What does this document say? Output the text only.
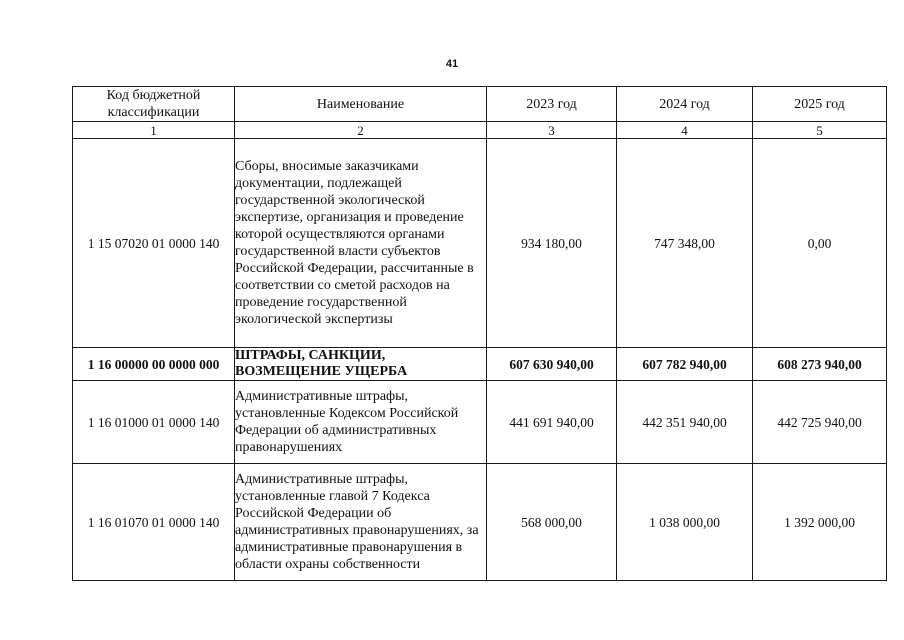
41
Код бюджетной классификации	Наименование	2023 год	2024 год	2025 год
1	2	3	4	5
1 15 07020 01 0000 140	Сборы, вносимые заказчиками документации, подлежащей государственной экологической экспертизе, организация и проведение которой осуществляются органами государственной власти субъектов Российской Федерации, рассчитанные в соответствии со сметой расходов на проведение государственной экологической экспертизы	934 180,00	747 348,00	0,00
1 16 00000 00 0000 000	ШТРАФЫ, САНКЦИИ, ВОЗМЕЩЕНИЕ УЩЕРБА	607 630 940,00	607 782 940,00	608 273 940,00
1 16 01000 01 0000 140	Административные штрафы, установленные Кодексом Российской Федерации об административных правонарушениях	441 691 940,00	442 351 940,00	442 725 940,00
1 16 01070 01 0000 140	Административные штрафы, установленные главой 7 Кодекса Российской Федерации об административных правонарушениях, за административные правонарушения в области охраны собственности	568 000,00	1 038 000,00	1 392 000,00
